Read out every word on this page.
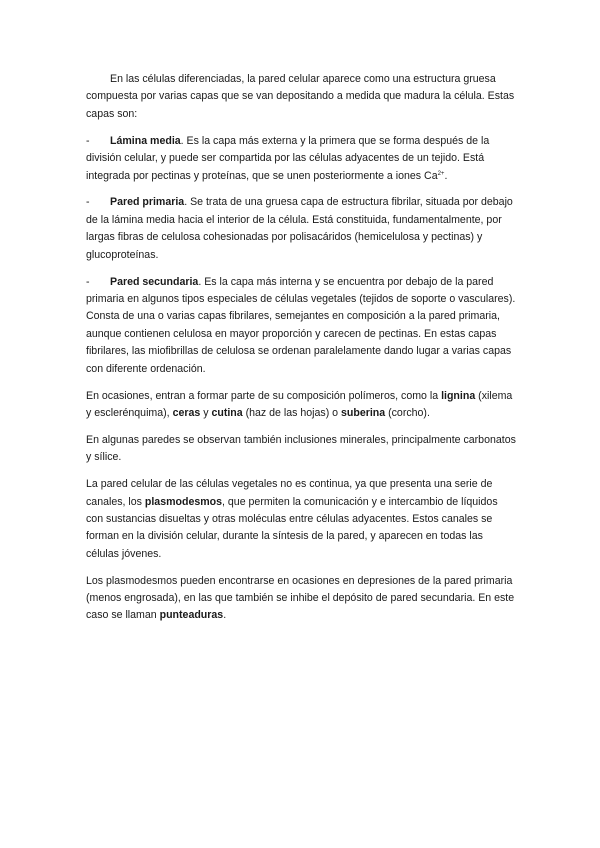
En las células diferenciadas, la pared celular aparece como una estructura gruesa compuesta por varias capas que se van depositando a medida que madura la célula. Estas capas son:

- Lámina media. Es la capa más externa y la primera que se forma después de la división celular, y puede ser compartida por las células adyacentes de un tejido. Está integrada por pectinas y proteínas, que se unen posteriormente a iones $Ca^{2+}$.

- Pared primaria. Se trata de una gruesa capa de estructura fibrilar, situada por debajo de la lámina media hacia el interior de la célula. Está constituida, fundamentalmente, por largas fibras de celulosa cohesionadas por polisacáridos (hemicelulosa y pectinas) y glucoproteínas.

- Pared secundaria. Es la capa más interna y se encuentra por debajo de la pared primaria en algunos tipos especiales de células vegetales (tejidos de soporte o vasculares). Consta de una o varias capas fibrilares, semejantes en composición a la pared primaria, aunque contienen celulosa en mayor proporción y carecen de pectinas. En estas capas fibrilares, las miofibrillas de celulosa se ordenan paralelamente dando lugar a varias capas con diferente ordenación.

En ocasiones, entran a formar parte de su composición polímeros, como la lignina (xilema y esclerénquima), ceras y cutina (haz de las hojas) o suberina (corcho).

En algunas paredes se observan también inclusiones minerales, principalmente carbonatos y sílice.

La pared celular de las células vegetales no es continua, ya que presenta una serie de canales, los plasmodesmos, que permiten la comunicación y e intercambio de líquidos con sustancias disueltas y otras moléculas entre células adyacentes. Estos canales se forman en la división celular, durante la síntesis de la pared, y aparecen en todas las células jóvenes.

Los plasmodesmos pueden encontrarse en ocasiones en depresiones de la pared primaria (menos engrosada), en las que también se inhibe el depósito de pared secundaria. En este caso se llaman punteaduras.
